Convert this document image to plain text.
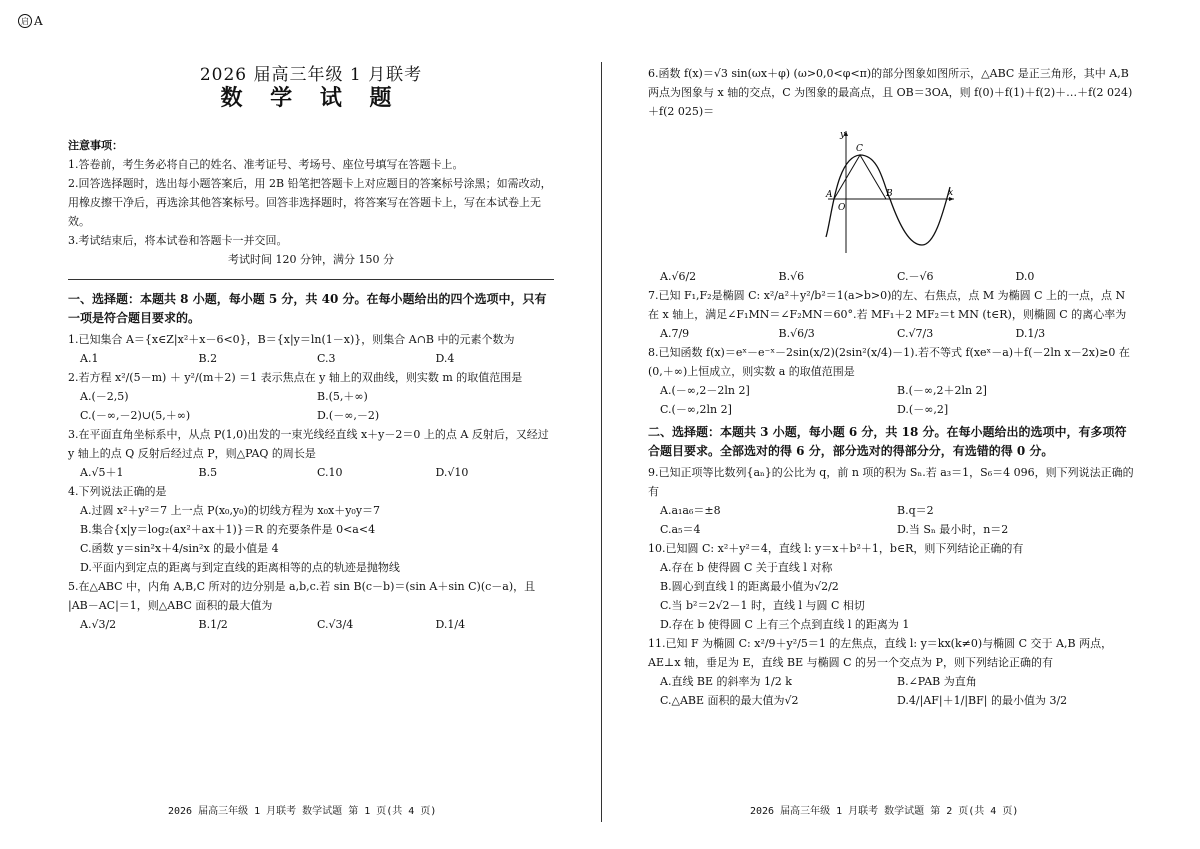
启 A
2026 届高三年级 1 月联考
数 学 试 题
注意事项：
1.答卷前，考生务必将自己的姓名、准考证号、考场号、座位号填写在答题卡上。
2.回答选择题时，选出每小题答案后，用 2B 铅笔把答题卡上对应题目的答案标号涂黑；如需改动，用橡皮擦干净后，再选涂其他答案标号。回答非选择题时，将答案写在答题卡上，写在本试卷上无效。
3.考试结束后，将本试卷和答题卡一并交回。
考试时间 120 分钟，满分 150 分
一、选择题：本题共 8 小题，每小题 5 分，共 40 分。在每小题给出的四个选项中，只有一项是符合题目要求的。
1.已知集合 A＝{x∈Z|x²＋x－6<0}，B＝{x|y＝ln(1－x)}，则集合 A∩B 中的元素个数为
A.1	B.2	C.3	D.4
2.若方程 x²/(5－m) ＋ y²/(m＋2) ＝1 表示焦点在 y 轴上的双曲线，则实数 m 的取值范围是
A.(－2,5)	B.(5,＋∞)
C.(－∞,－2)∪(5,＋∞)	D.(－∞,－2)
3.在平面直角坐标系中，从点 P(1,0)出发的一束光线经直线 x＋y－2＝0 上的点 A 反射后，又经过 y 轴上的点 Q 反射后经过点 P，则△PAQ 的周长是
A.√5＋1	B.5	C.10	D.√10
4.下列说法正确的是
A.过圆 x²＋y²＝7 上一点 P(x₀,y₀)的切线方程为 x₀x＋y₀y＝7
B.集合{x|y＝log₂(ax²＋ax＋1)}＝R 的充要条件是 0<a<4
C.函数 y＝sin²x＋4/sin²x 的最小值是 4
D.平面内到定点的距离与到定直线的距离相等的点的轨迹是抛物线
5.在△ABC 中，内角 A,B,C 所对的边分别是 a,b,c.若 sin B(c－b)＝(sin A＋sin C)(c－a)，且 |AB－AC|＝1，则△ABC 面积的最大值为
A.√3/2	B.1/2	C.√3/4	D.1/4
6.函数 f(x)＝√3 sin(ωx＋φ) (ω>0,0<φ<π)的部分图象如图所示，△ABC 是正三角形，其中 A,B 两点为图象与 x 轴的交点，C 为图象的最高点，且 OB＝3OA，则 f(0)＋f(1)＋f(2)＋…＋f(2 024)＋f(2 025)＝
y
x
C
A
O
B
A.√6/2	B.√6	C.－√6	D.0
7.已知 F₁,F₂是椭圆 C: x²/a²＋y²/b²＝1(a>b>0)的左、右焦点，点 M 为椭圆 C 上的一点，点 N 在 x 轴上，满足∠F₁MN＝∠F₂MN＝60°.若 MF₁＋2 MF₂＝t MN (t∈R)，则椭圆 C 的离心率为
A.7/9	B.√6/3	C.√7/3	D.1/3
8.已知函数 f(x)＝eˣ－e⁻ˣ－2sin(x/2)(2sin²(x/4)－1).若不等式 f(xeˣ－a)＋f(－2ln x－2x)≥0 在(0,＋∞)上恒成立，则实数 a 的取值范围是
A.(－∞,2－2ln 2]	B.(－∞,2＋2ln 2]
C.(－∞,2ln 2]	D.(－∞,2]
二、选择题：本题共 3 小题，每小题 6 分，共 18 分。在每小题给出的选项中，有多项符合题目要求。全部选对的得 6 分，部分选对的得部分分，有选错的得 0 分。
9.已知正项等比数列{aₙ}的公比为 q，前 n 项的积为 Sₙ.若 a₃＝1，S₆＝4 096，则下列说法正确的有
A.a₁a₆＝±8	B.q＝2
C.a₅＝4	D.当 Sₙ 最小时，n＝2
10.已知圆 C: x²＋y²＝4，直线 l: y＝x＋b²＋1，b∈R，则下列结论正确的有
A.存在 b 使得圆 C 关于直线 l 对称
B.圆心到直线 l 的距离最小值为√2/2
C.当 b²＝2√2－1 时，直线 l 与圆 C 相切
D.存在 b 使得圆 C 上有三个点到直线 l 的距离为 1
11.已知 F 为椭圆 C: x²/9＋y²/5＝1 的左焦点，直线 l: y＝kx(k≠0)与椭圆 C 交于 A,B 两点，AE⊥x 轴，垂足为 E，直线 BE 与椭圆 C 的另一个交点为 P，则下列结论正确的有
A.直线 BE 的斜率为 1/2 k	B.∠PAB 为直角
C.△ABE 面积的最大值为√2	D.4/|AF|＋1/|BF| 的最小值为 3/2
2026 届高三年级 1 月联考 数学试题 第 1 页(共 4 页)	2026 届高三年级 1 月联考 数学试题 第 2 页(共 4 页)
